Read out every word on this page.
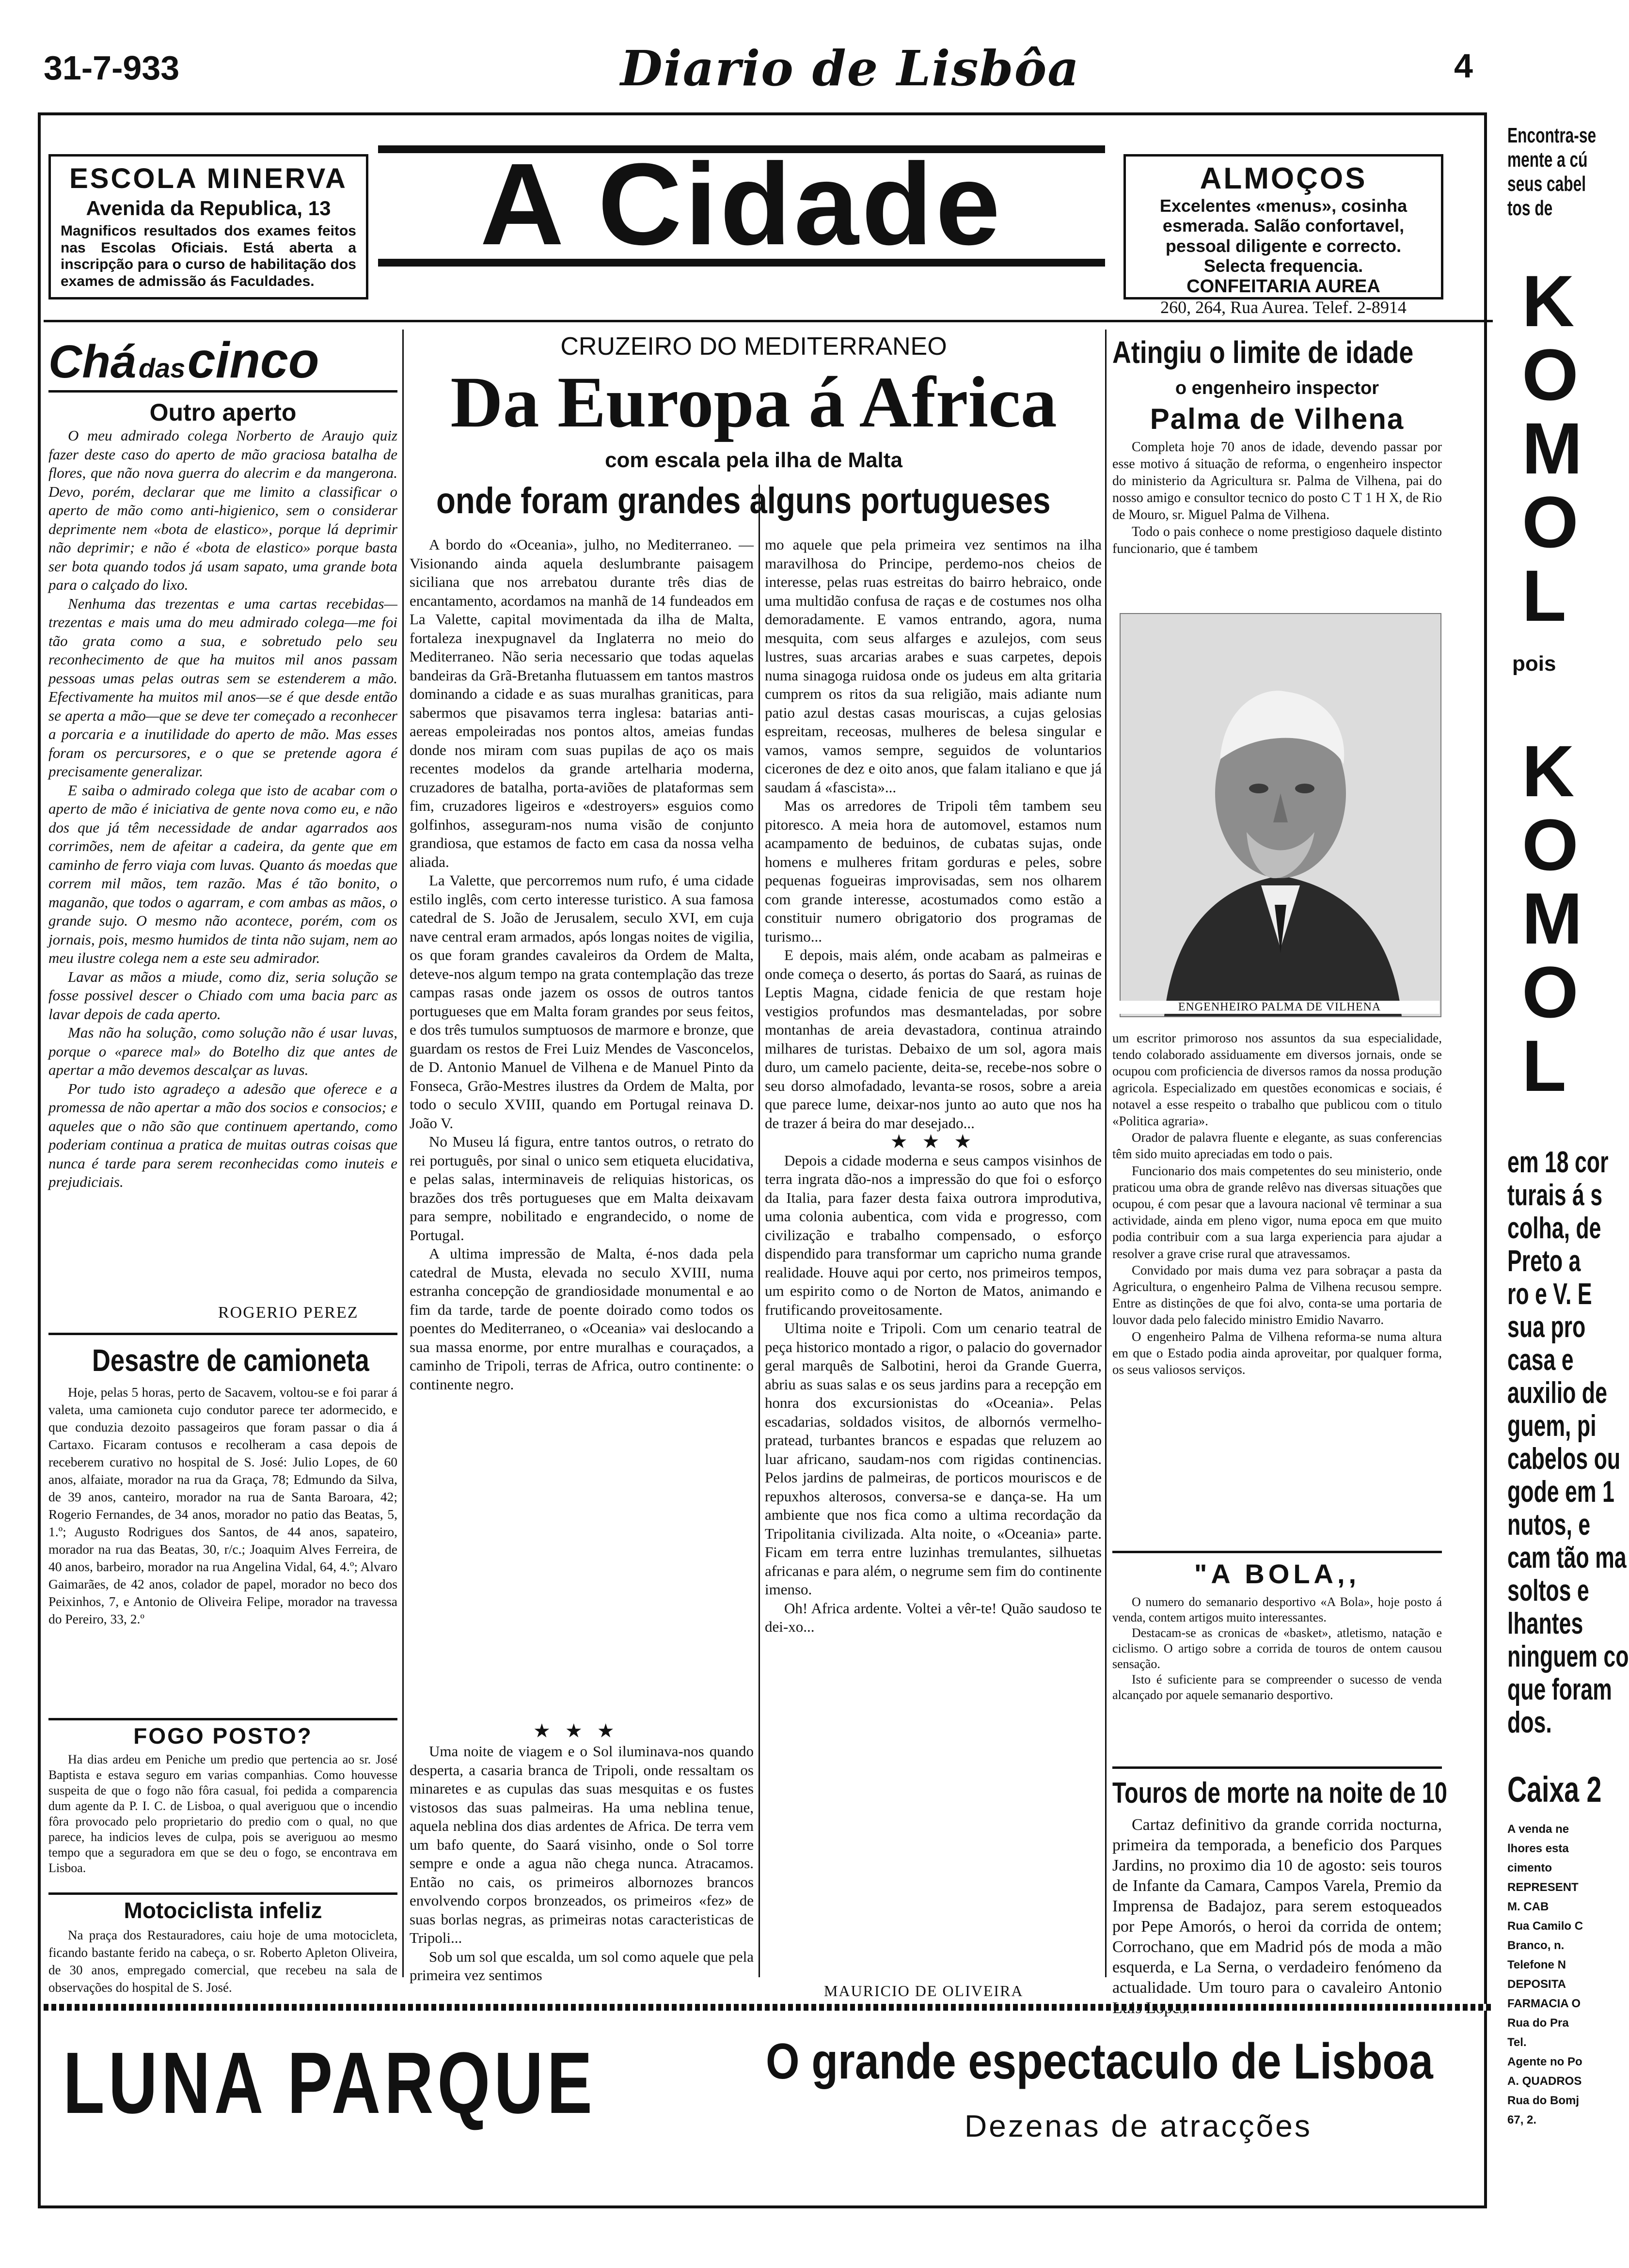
31-7-933	Diario de Lisbôa	4
ESCOLA MINERVA
Avenida da Republica, 13
Magnificos resultados dos exames feitos nas Escolas Oficiais. Está aberta a inscripção para o curso de habilitação dos exames de admissão ás Faculdades.
A Cidade	ALMOÇOS
Excelentes «menus», cosinha esmerada. Salão confortavel, pessoal diligente e correcto. Selecta frequencia.
CONFEITARIA AUREA
260, 264, Rua Aurea. Telef. 2-8914
Chá das cinco
Outro aperto

O meu admirado colega Norberto de Araujo quiz fazer deste caso do aperto de mão graciosa batalha de flores, que não nova guerra do alecrim e da mangerona. Devo, porém, declarar que me limito a classificar o aperto de mão como anti-higienico, sem o considerar deprimente nem «bota de elastico», porque lá deprimir não deprimir; e não é «bota de elastico» porque basta ser bota quando todos já usam sapato, uma grande bota para o calçado do lixo.

Nenhuma das trezentas e uma cartas recebidas—trezentas e mais uma do meu admirado colega—me foi tão grata como a sua, e sobretudo pelo seu reconhecimento de que ha muitos mil anos passam pessoas umas pelas outras sem se estenderem a mão. Efectivamente ha muitos mil anos—se é que desde então se aperta a mão—que se deve ter começado a reconhecer a porcaria e a inutilidade do aperto de mão. Mas esses foram os percursores, e o que se pretende agora é precisamente generalizar.

E saiba o admirado colega que isto de acabar com o aperto de mão é iniciativa de gente nova como eu, e não dos que já têm necessidade de andar agarrados aos corrimões, nem de afeitar a cadeira, da gente que em caminho de ferro viaja com luvas. Quanto ás moedas que correm mil mãos, tem razão. Mas é tão bonito, o maganão, que todos o agarram, e com ambas as mãos, o grande sujo. O mesmo não acontece, porém, com os jornais, pois, mesmo humidos de tinta não sujam, nem ao meu ilustre colega nem a este seu admirador.

Lavar as mãos a miude, como diz, seria solução se fosse possivel descer o Chiado com uma bacia parc as lavar depois de cada aperto.

Mas não ha solução, como solução não é usar luvas, porque o «parece mal» do Botelho diz que antes de apertar a mão devemos descalçar as luvas.

Por tudo isto agradeço a adesão que oferece e a promessa de não apertar a mão dos socios e consocios; e aqueles que o não são que continuem apertando, como poderiam continua a pratica de muitas outras coisas que nunca é tarde para serem reconhecidas como inuteis e prejudiciais.

ROGERIO PEREZ
Desastre de camioneta

Hoje, pelas 5 horas, perto de Sacavem, voltou-se e foi parar á valeta, uma camioneta cujo condutor parece ter adormecido, e que conduzia dezoito passageiros que foram passar o dia á Cartaxo. Ficaram contusos e recolheram a casa depois de receberem curativo no hospital de S. José: Julio Lopes, de 60 anos, alfaiate, morador na rua da Graça, 78; Edmundo da Silva, de 39 anos, canteiro, morador na rua de Santa Baroara, 42; Rogerio Fernandes, de 34 anos, morador no patio das Beatas, 5, 1.º; Augusto Rodrigues dos Santos, de 44 anos, sapateiro, morador na rua das Beatas, 30, r/c.; Joaquim Alves Ferreira, de 40 anos, barbeiro, morador na rua Angelina Vidal, 64, 4.º; Alvaro Gaimarães, de 42 anos, colador de papel, morador no beco dos Peixinhos, 7, e Antonio de Oliveira Felipe, morador na travessa do Pereiro, 33, 2.º

FOGO POSTO?

Ha dias ardeu em Peniche um predio que pertencia ao sr. José Baptista e estava seguro em varias companhias. Como houvesse suspeita de que o fogo não fôra casual, foi pedida a comparencia dum agente da P. I. C. de Lisboa, o qual averiguou que o incendio fôra provocado pelo proprietario do predio com o qual, no que parece, ha indicios leves de culpa, pois se averiguou ao mesmo tempo que a seguradora em que se deu o fogo, se encontrava em Lisboa.

Motociclista infeliz

Na praça dos Restauradores, caiu hoje de uma motocicleta, ficando bastante ferido na cabeça, o sr. Roberto Apleton Oliveira, de 30 anos, empregado comercial, que recebeu na sala de observações do hospital de S. José.

CRUZEIRO DO MEDITERRANEO
Da Europa á Africa
com escala pela ilha de Malta
onde foram grandes alguns portugueses

A bordo do «Oceania», julho, no Mediterraneo. — Visionando ainda aquela deslumbrante paisagem siciliana que nos arrebatou durante três dias de encantamento, acordamos na manhã de 14 fundeados em La Valette, capital movimentada da ilha de Malta, fortaleza inexpugnavel da Inglaterra no meio do Mediterraneo. Não seria necessario que todas aquelas bandeiras da Grã-Bretanha flutuassem em tantos mastros dominando a cidade e as suas muralhas graniticas, para sabermos que pisavamos terra inglesa: batarias anti-aereas empoleiradas nos pontos altos, ameias fundas donde nos miram com suas pupilas de aço os mais recentes modelos da grande artelharia moderna, cruzadores de batalha, porta-aviões de plataformas sem fim, cruzadores ligeiros e «destroyers» esguios como golfinhos, asseguram-nos numa visão de conjunto grandiosa, que estamos de facto em casa da nossa velha aliada.

La Valette, que percorremos num rufo, é uma cidade estilo inglês, com certo interesse turistico. A sua famosa catedral de S. João de Jerusalem, seculo XVI, em cuja nave central eram armados, após longas noites de vigilia, os que foram grandes cavaleiros da Ordem de Malta, deteve-nos algum tempo na grata contemplação das treze campas rasas onde jazem os ossos de outros tantos portugueses que em Malta foram grandes por seus feitos, e dos três tumulos sumptuosos de marmore e bronze, que guardam os restos de Frei Luiz Mendes de Vasconcelos, de D. Antonio Manuel de Vilhena e de Manuel Pinto da Fonseca, Grão-Mestres ilustres da Ordem de Malta, por todo o seculo XVIII, quando em Portugal reinava D. João V.

No Museu lá figura, entre tantos outros, o retrato do rei português, por sinal o unico sem etiqueta elucidativa, e pelas salas, interminaveis de reliquias historicas, os brazões dos três portugueses que em Malta deixavam para sempre, nobilitado e engrandecido, o nome de Portugal.

A ultima impressão de Malta, é-nos dada pela catedral de Musta, elevada no seculo XVIII, numa estranha concepção de grandiosidade monumental e ao fim da tarde, tarde de poente doirado como todos os poentes do Mediterraneo, o «Oceania» vai deslocando a sua massa enorme, por entre muralhas e couraçados, a caminho de Tripoli, terras de Africa, outro continente: o continente negro.

★ ★ ★

Uma noite de viagem e o Sol iluminava-nos quando desperta, a casaria branca de Tripoli, onde ressaltam os minaretes e as cupulas das suas mesquitas e os fustes vistosos das suas palmeiras. Ha uma neblina tenue, aquela neblina dos dias ardentes de Africa. De terra vem um bafo quente, do Saará visinho, onde o Sol torre sempre e onde a agua não chega nunca. Atracamos. Então no cais, os primeiros albornozes brancos envolvendo corpos bronzeados, os primeiros «fez» de suas borlas negras, as primeiras notas caracteristicas de Tripoli...

Sob um sol que escalda, um sol como aquele que pela primeira vez sentimos

mo aquele que pela primeira vez sentimos na ilha maravilhosa do Principe, perdemo-nos cheios de interesse, pelas ruas estreitas do bairro hebraico, onde uma multidão confusa de raças e de costumes nos olha demoradamente. E vamos entrando, agora, numa mesquita, com seus alfarges e azulejos, com seus lustres, suas arcarias arabes e suas carpetes, depois numa sinagoga ruidosa onde os judeus em alta gritaria cumprem os ritos da sua religião, mais adiante num patio azul destas casas mouriscas, a cujas gelosias espreitam, receosas, mulheres de belesa singular e vamos, vamos sempre, seguidos de voluntarios cicerones de dez e oito anos, que falam italiano e que já saudam á «fascista»...

Mas os arredores de Tripoli têm tambem seu pitoresco. A meia hora de automovel, estamos num acampamento de beduinos, de cubatas sujas, onde homens e mulheres fritam gorduras e peles, sobre pequenas fogueiras improvisadas, sem nos olharem com grande interesse, acostumados como estão a constituir numero obrigatorio dos programas de turismo...

E depois, mais além, onde acabam as palmeiras e onde começa o deserto, ás portas do Saará, as ruinas de Leptis Magna, cidade fenicia de que restam hoje vestigios profundos mas desmanteladas, por sobre montanhas de areia devastadora, continua atraindo milhares de turistas. Debaixo de um sol, agora mais duro, um camelo paciente, deita-se, recebe-nos sobre o seu dorso almofadado, levanta-se rosos, sobre a areia que parece lume, deixar-nos junto ao auto que nos ha de trazer á beira do mar desejado...

★ ★ ★

Depois a cidade moderna e seus campos visinhos de terra ingrata dão-nos a impressão do que foi o esforço da Italia, para fazer desta faixa outrora improdutiva, uma colonia aubentica, com vida e progresso, com civilização e trabalho compensado, o esforço dispendido para transformar um capricho numa grande realidade. Houve aqui por certo, nos primeiros tempos, um espirito como o de Norton de Matos, animando e frutificando proveitosamente.

Ultima noite e Tripoli. Com um cenario teatral de peça historico montado a rigor, o palacio do governador geral marquês de Salbotini, heroi da Grande Guerra, abriu as suas salas e os seus jardins para a recepção em honra dos excursionistas do «Oceania». Pelas escadarias, soldados visitos, de albornós vermelho-pratead, turbantes brancos e espadas que reluzem ao luar africano, saudam-nos com rigidas continencias. Pelos jardins de palmeiras, de porticos mouriscos e de repuxhos alterosos, conversa-se e dança-se. Ha um ambiente que nos fica como a ultima recordação da Tripolitania civilizada. Alta noite, o «Oceania» parte. Ficam em terra entre luzinhas tremulantes, silhuetas africanas e para além, o negrume sem fim do continente imenso.

Oh! Africa ardente. Voltei a vêr-te! Quão saudoso te dei-xo...

MAURICIO DE OLIVEIRA
Atingiu o limite de idade
o engenheiro inspector
Palma de Vilhena

Completa hoje 70 anos de idade, devendo passar por esse motivo á situação de reforma, o engenheiro inspector do ministerio da Agricultura sr. Palma de Vilhena, pai do nosso amigo e consultor tecnico do posto C T 1 H X, de Rio de Mouro, sr. Miguel Palma de Vilhena.

Todo o pais conhece o nome prestigioso daquele distinto funcionario, que é tambem

ENGENHEIRO PALMA DE VILHENA

um escritor primoroso nos assuntos da sua especialidade, tendo colaborado assiduamente em diversos jornais, onde se ocupou com proficiencia de diversos ramos da nossa produção agricola. Especializado em questões economicas e sociais, é notavel a esse respeito o trabalho que publicou com o titulo «Politica agraria».

Orador de palavra fluente e elegante, as suas conferencias têm sido muito apreciadas em todo o pais.

Funcionario dos mais competentes do seu ministerio, onde praticou uma obra de grande relêvo nas diversas situações que ocupou, é com pesar que a lavoura nacional vê terminar a sua actividade, ainda em pleno vigor, numa epoca em que muito podia contribuir com a sua larga experiencia para ajudar a resolver a grave crise rural que atravessamos.

Convidado por mais duma vez para sobraçar a pasta da Agricultura, o engenheiro Palma de Vilhena recusou sempre. Entre as distinções de que foi alvo, conta-se uma portaria de louvor dada pelo falecido ministro Emidio Navarro.

O engenheiro Palma de Vilhena reforma-se numa altura em que o Estado podia ainda aproveitar, por qualquer forma, os seus valiosos serviços.

"A BOLA,,

O numero do semanario desportivo «A Bola», hoje posto á venda, contem artigos muito interessantes.

Destacam-se as cronicas de «basket», atletismo, natação e ciclismo. O artigo sobre a corrida de touros de ontem causou sensação.

Isto é suficiente para se compreender o sucesso de venda alcançado por aquele semanario desportivo.

Touros de morte na noite de 10

Cartaz definitivo da grande corrida nocturna, primeira da temporada, a beneficio dos Parques Jardins, no proximo dia 10 de agosto: seis touros de Infante da Camara, Campos Varela, Premio da Imprensa de Badajoz, para serem estoqueados por Pepe Amorós, o heroi da corrida de ontem; Corrochano, que em Madrid pós de moda a mão esquerda, e La Serna, o verdadeiro fenómeno da actualidade. Um touro para o cavaleiro Antonio

LUNA PARQUE	O grande espectaculo de Lisboa
Dezenas de atracções
Encontra-se
mente a cú
seus cabel
tos de
K
O
M
O
L
pois
K
O
M
O
L
em 18 cor
turais á s
colha, de
Preto a
ro e V. E
sua pro
casa e
auxilio de
guem, pi
cabelos ou
gode em 1
nutos, e
cam tão ma
soltos e
lhantes
ninguem co
que foram
dos.
Caixa 2
A venda ne
lhores esta
cimento
REPRESENT
M. CAB
Rua Camilo C
Branco, n.
Telefone N
DEPOSITA
FARMACIA O
Rua do Pra
Tel.
Agente no Po
A. QUADROS
Rua do Bomj
67, 2.
